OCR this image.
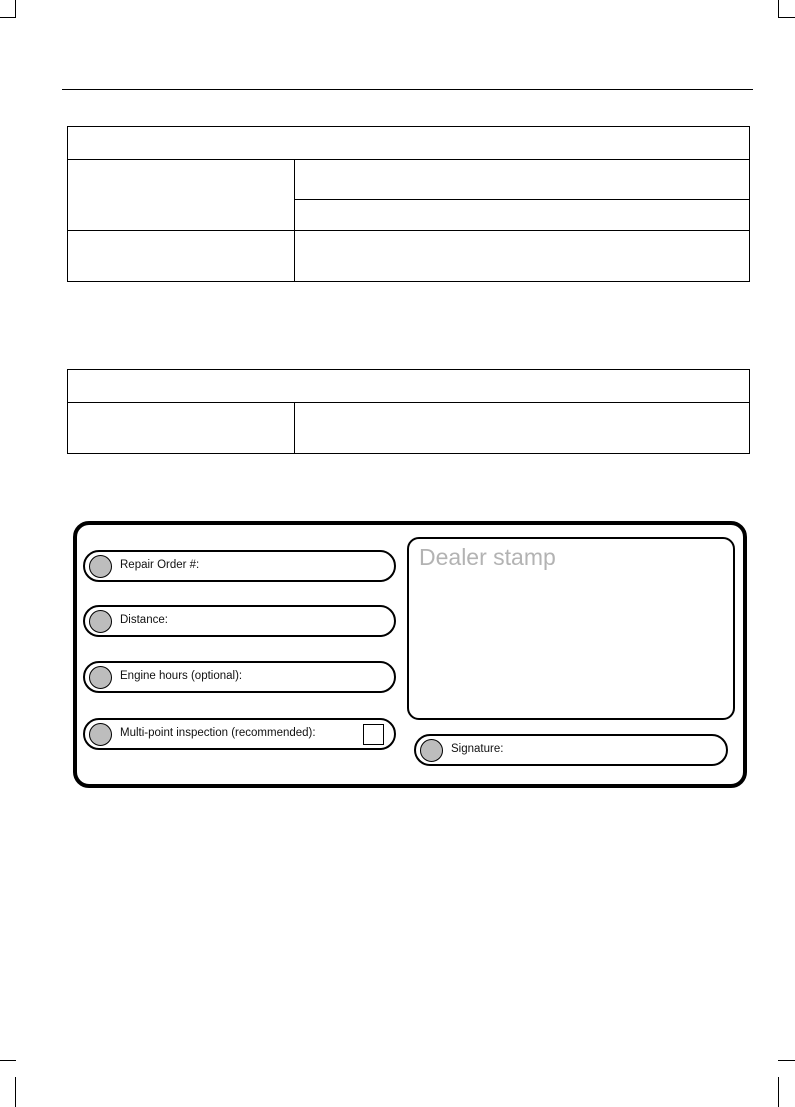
Repair Order #:
Distance:
Engine hours (optional):
Multi-point inspection (recommended):
Dealer stamp
Signature:
